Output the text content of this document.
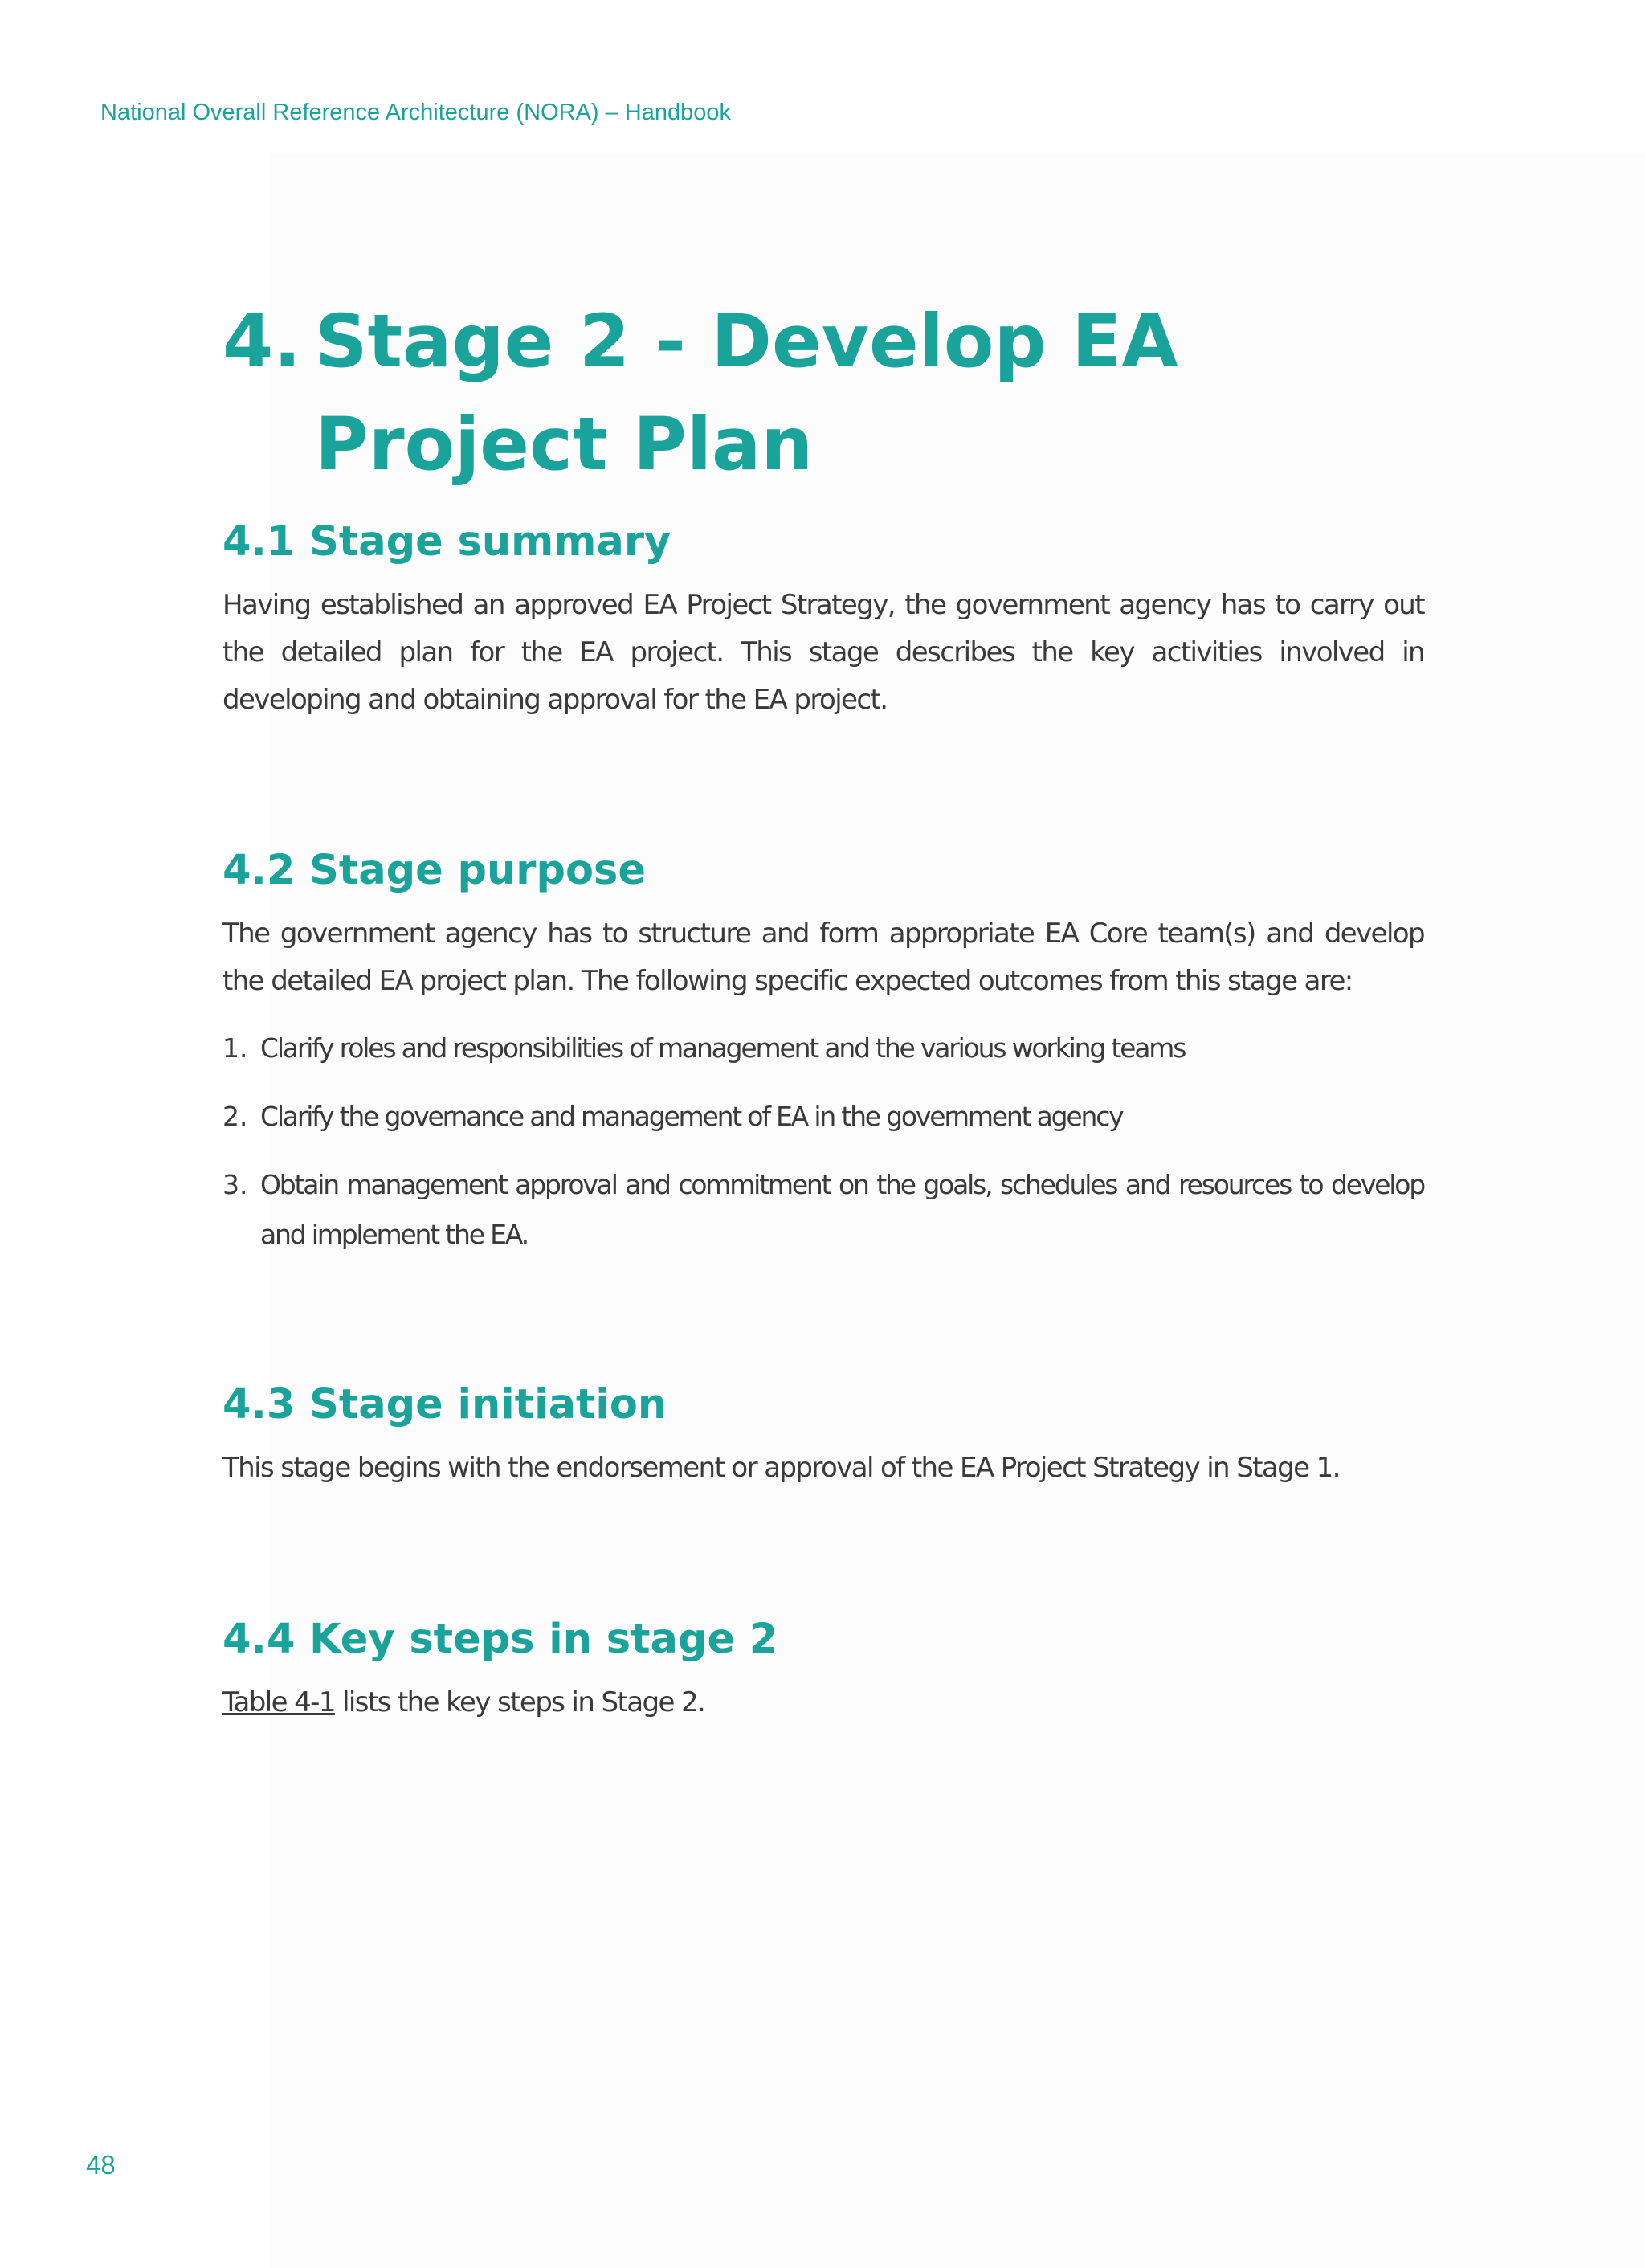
National Overall Reference Architecture (NORA) – Handbook
4. Stage 2 - Develop EA
Project Plan
4.1 Stage summary

Having established an approved EA Project Strategy, the government agency has to carry out the detailed plan for the EA project. This stage describes the key activities involved in developing and obtaining approval for the EA project.

4.2 Stage purpose

The government agency has to structure and form appropriate EA Core team(s) and develop the detailed EA project plan. The following specific expected outcomes from this stage are:

1. Clarify roles and responsibilities of management and the various working teams
2. Clarify the governance and management of EA in the government agency
3. Obtain management approval and commitment on the goals, schedules and resources to develop and implement the EA.
4.3 Stage initiation

This stage begins with the endorsement or approval of the EA Project Strategy in Stage 1.

4.4 Key steps in stage 2

Table 4-1 lists the key steps in Stage 2.

48
